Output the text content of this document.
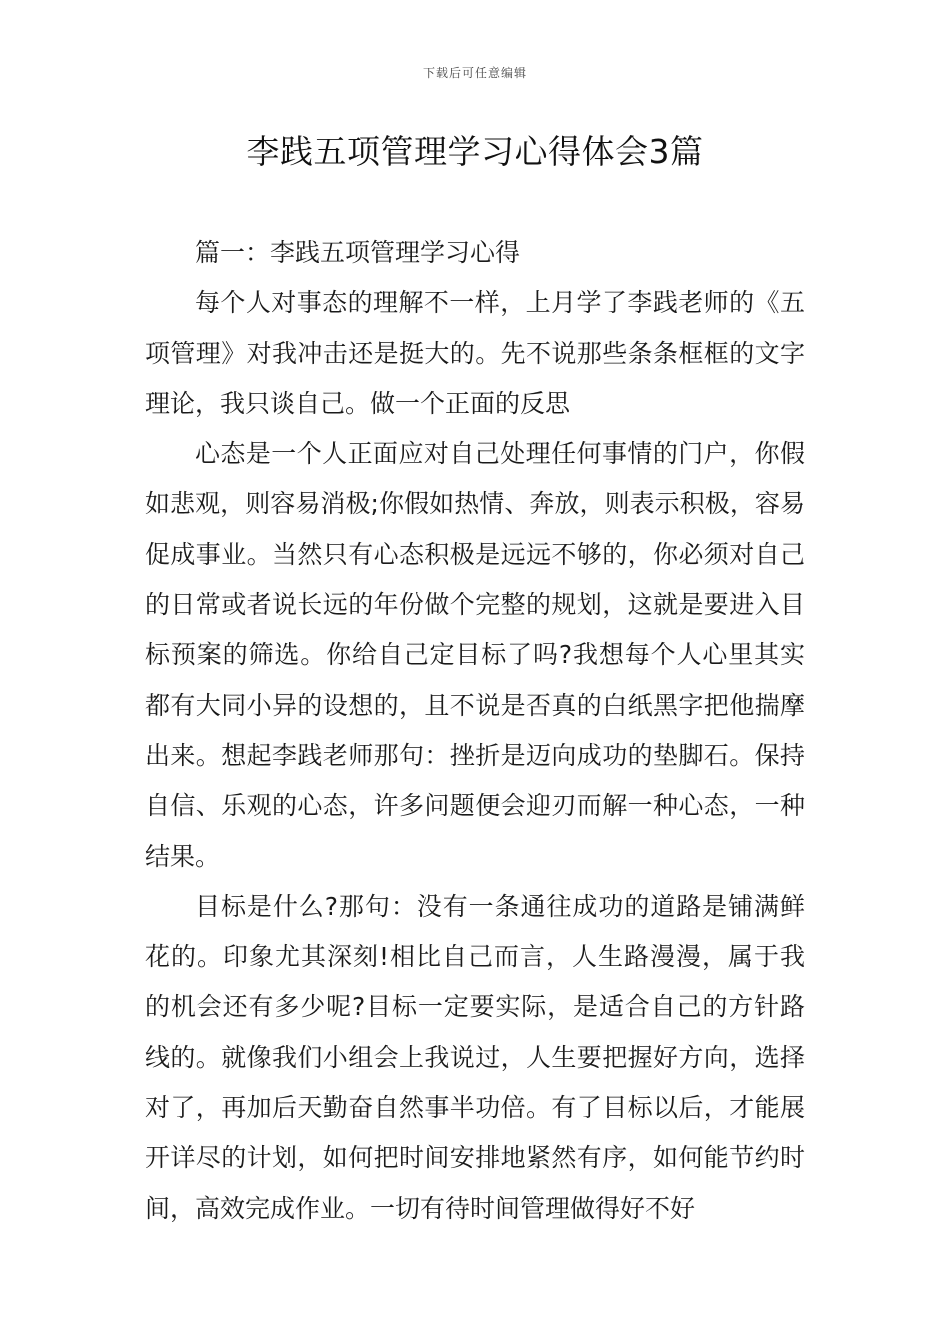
下载后可任意编辑
李践五项管理学习心得体会3篇

篇一：李践五项管理学习心得

每个人对事态的理解不一样，上月学了李践老师的《五项管理》对我冲击还是挺大的。先不说那些条条框框的文字理论，我只谈自己。做一个正面的反思

心态是一个人正面应对自己处理任何事情的门户，你假如悲观，则容易消极;你假如热情、奔放，则表示积极，容易促成事业。当然只有心态积极是远远不够的，你必须对自己的日常或者说长远的年份做个完整的规划，这就是要进入目标预案的筛选。你给自己定目标了吗?我想每个人心里其实都有大同小异的设想的，且不说是否真的白纸黑字把他揣摩出来。想起李践老师那句：挫折是迈向成功的垫脚石。保持自信、乐观的心态，许多问题便会迎刃而解一种心态，一种结果。

目标是什么?那句：没有一条通往成功的道路是铺满鲜花的。印象尤其深刻!相比自己而言，人生路漫漫，属于我的机会还有多少呢?目标一定要实际，是适合自己的方针路线的。就像我们小组会上我说过，人生要把握好方向，选择对了，再加后天勤奋自然事半功倍。有了目标以后，才能展开详尽的计划，如何把时间安排地紧然有序，如何能节约时间，高效完成作业。一切有待时间管理做得好不好
